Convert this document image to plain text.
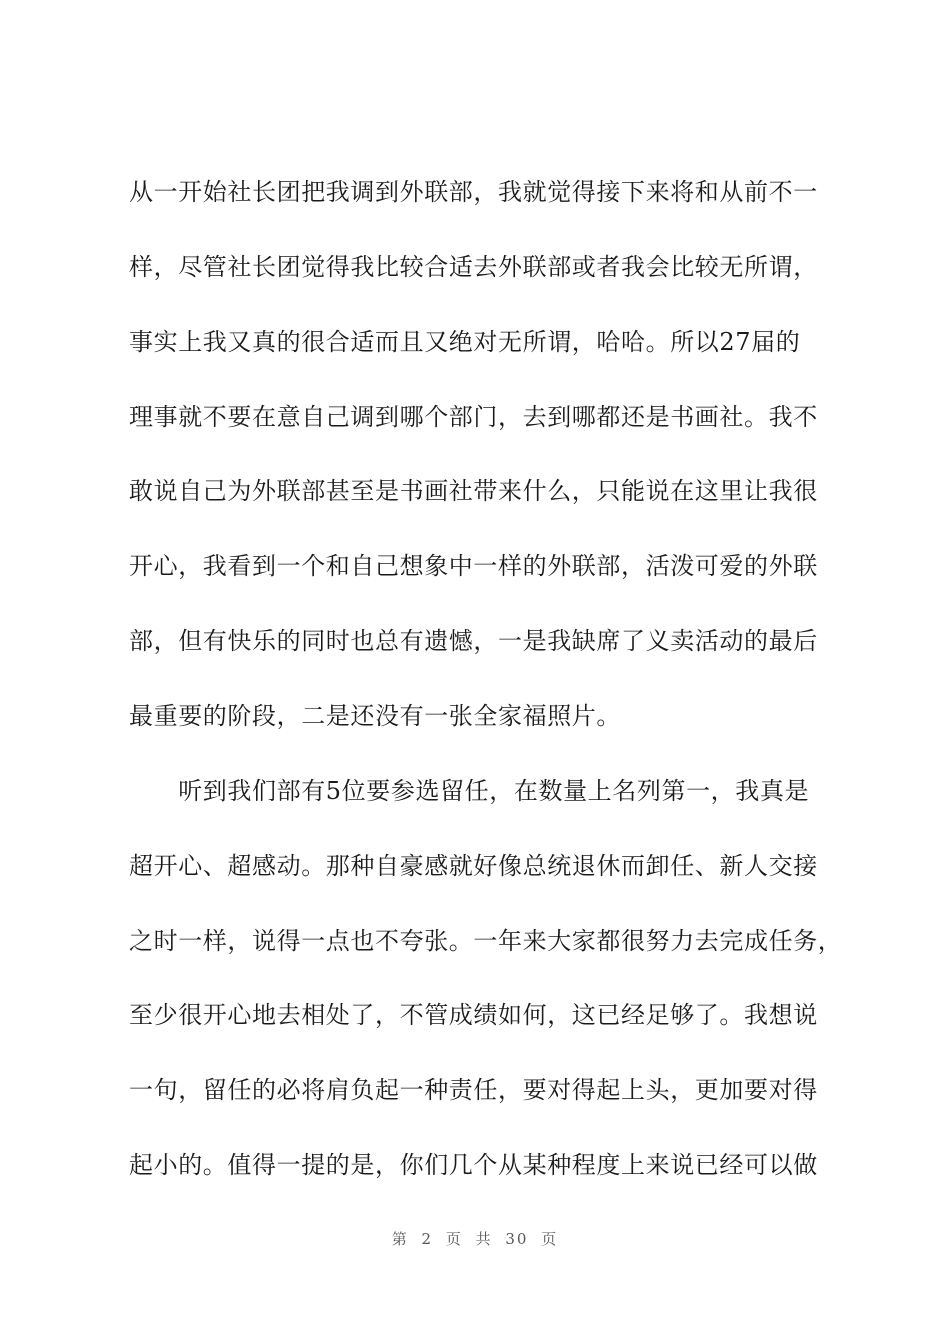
从一开始社长团把我调到外联部，我就觉得接下来将和从前不一
样，尽管社长团觉得我比较合适去外联部或者我会比较无所谓，
事实上我又真的很合适而且又绝对无所谓，哈哈。所以27届的
理事就不要在意自己调到哪个部门，去到哪都还是书画社。我不
敢说自己为外联部甚至是书画社带来什么，只能说在这里让我很
开心，我看到一个和自己想象中一样的外联部，活泼可爱的外联
部，但有快乐的同时也总有遗憾，一是我缺席了义卖活动的最后
最重要的阶段，二是还没有一张全家福照片。
　　听到我们部有5位要参选留任，在数量上名列第一，我真是
超开心、超感动。那种自豪感就好像总统退休而卸任、新人交接
之时一样，说得一点也不夸张。一年来大家都很努力去完成任务，
至少很开心地去相处了，不管成绩如何，这已经足够了。我想说
一句，留任的必将肩负起一种责任，要对得起上头，更加要对得
起小的。值得一提的是，你们几个从某种程度上来说已经可以做
第 2 页 共 30 页
